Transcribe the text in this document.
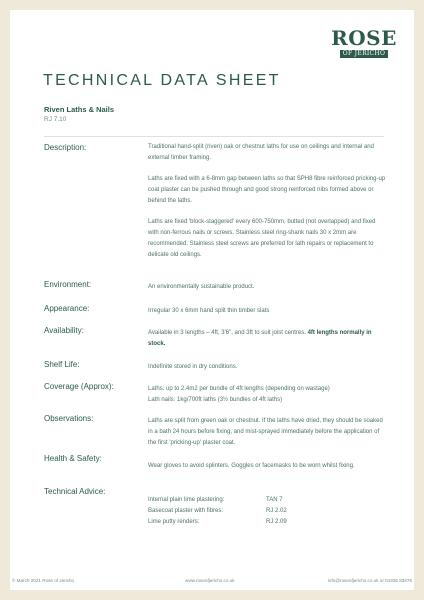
ROSE
OF JERICHO
TECHNICAL DATA SHEET
Riven Laths & Nails
RJ 7.10
Description:	Traditional hand-split (riven) oak or chestnut laths for use on ceilings and internal and external timber framing.

Laths are fixed with a 6-8mm gap between laths so that SPH8 fibre reinforced pricking-up coat plaster can be pushed through and good strong reinforced nibs formed above or behind the laths.

Laths are fixed 'block-staggered' every 600-750mm, butted (not overlapped) and fixed with non-ferrous nails or screws. Stainless steel ring-shank nails 30 x 2mm are recommended. Stainless steel screws are preferred for lath repairs or replacement to delicate old ceilings.

Environment:	An environmentally sustainable product.
Appearance:	Irregular 30 x 6mm hand split thin timber slats
Availability:	Available in 3 lengths – 4ft, 3'6", and 3ft to suit joist centres. 4ft lengths normally in stock.
Shelf Life:	Indefinite stored in dry conditions.
Coverage (Approx):	Laths: up to 2.4m2 per bundle of 4ft lengths (depending on wastage)
Lath nails: 1kg/700ft laths (3½ bundles of 4ft laths)
Observations:	Laths are split from green oak or chestnut. If the laths have dried, they should be soaked in a bath 24 hours before fixing, and mist-sprayed immediately before the application of the first 'pricking-up' plaster coat.
Health & Safety:
Wear gloves to avoid splinters. Goggles or facemasks to be worn whilst fixing.
Technical Advice:
Internal plain lime plastering:	TAN 7
Basecoat plaster with fibres:	RJ 2.02
Lime putty renders:	RJ 2.09
© March 2021 Rose of Jericho	www.roseofjericho.co.uk	info@roseofjericho.co.uk or 01935 83676
